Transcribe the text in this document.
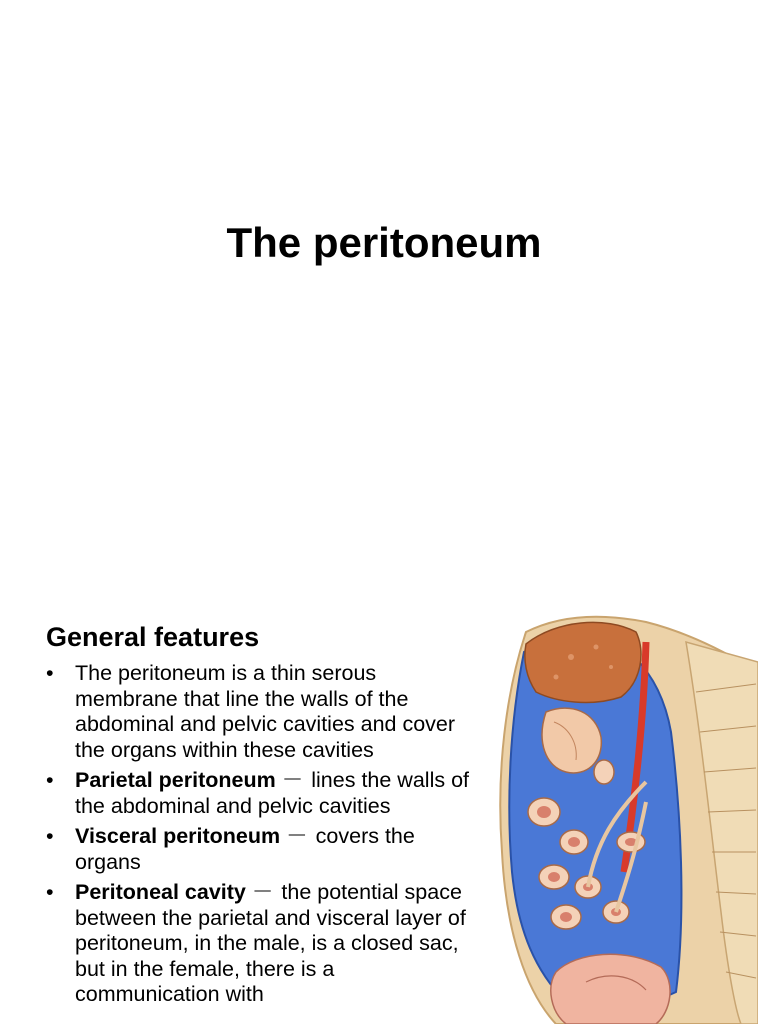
The peritoneum
General features
• The peritoneum is a thin serous membrane that line the walls of the abdominal and pelvic cavities and cover the organs within these cavities
• Parietal peritoneum － lines the walls of the abdominal and pelvic cavities
• Visceral peritoneum － covers the organs
• Peritoneal cavity － the potential space between the parietal and visceral layer of peritoneum, in the male, is a closed sac, but in the female, there is a communication with
